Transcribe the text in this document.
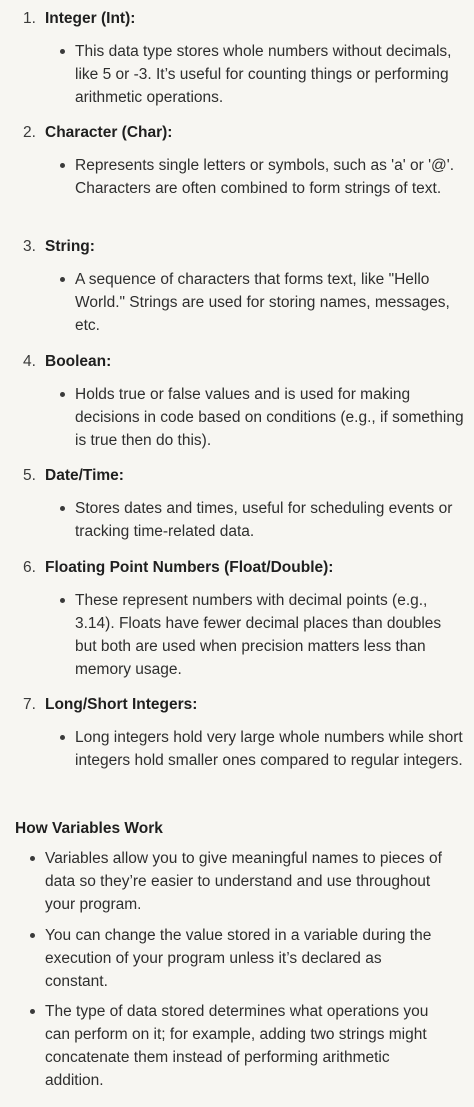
1. Integer (Int):
This data type stores whole numbers without decimals, like 5 or -3. It’s useful for counting things or performing arithmetic operations.
2. Character (Char):
Represents single letters or symbols, such as 'a' or '@'. Characters are often combined to form strings of text.
3. String:
A sequence of characters that forms text, like "Hello World." Strings are used for storing names, messages, etc.
4. Boolean:
Holds true or false values and is used for making decisions in code based on conditions (e.g., if something is true then do this).
5. Date/Time:
Stores dates and times, useful for scheduling events or tracking time-related data.
6. Floating Point Numbers (Float/Double):
These represent numbers with decimal points (e.g., 3.14). Floats have fewer decimal places than doubles but both are used when precision matters less than memory usage.
7. Long/Short Integers:
Long integers hold very large whole numbers while short integers hold smaller ones compared to regular integers.
How Variables Work
Variables allow you to give meaningful names to pieces of data so they’re easier to understand and use throughout your program.
You can change the value stored in a variable during the execution of your program unless it’s declared as constant.
The type of data stored determines what operations you can perform on it; for example, adding two strings might concatenate them instead of performing arithmetic addition.
